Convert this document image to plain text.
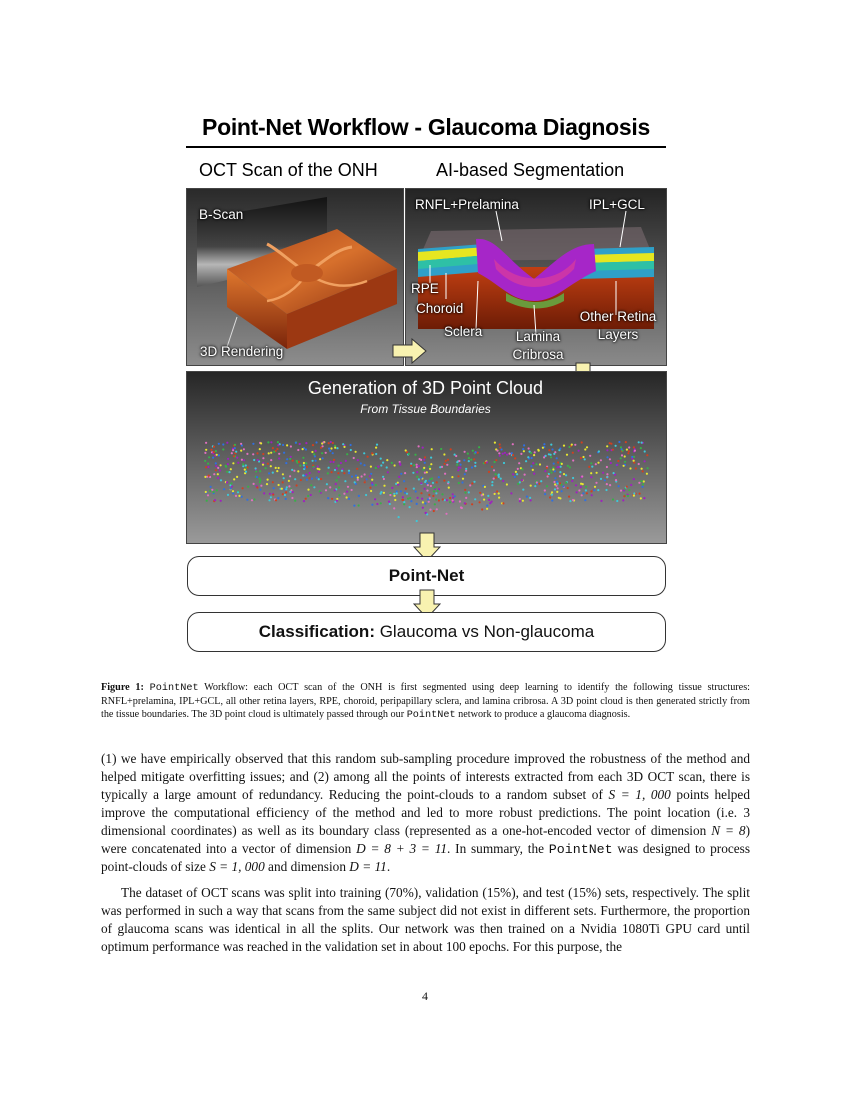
Point-Net Workflow - Glaucoma Diagnosis
OCT Scan of the ONH	AI-based Segmentation
B-Scan
3D Rendering
RNFL+Prelamina	IPL+GCL
RPE
Choroid
Sclera	Lamina
Cribrosa
Other Retina
Layers
Generation of 3D Point Cloud
From Tissue Boundaries
Point-Net
Classification: Glaucoma vs Non-glaucoma
Figure 1: PointNet Workflow: each OCT scan of the ONH is first segmented using deep learning to identify the following tissue structures: RNFL+prelamina, IPL+GCL, all other retina layers, RPE, choroid, peripapillary sclera, and lamina cribrosa. A 3D point cloud is then generated strictly from the tissue boundaries. The 3D point cloud is ultimately passed through our PointNet network to produce a glaucoma diagnosis.
(1) we have empirically observed that this random sub-sampling procedure improved the robustness of the method and helped mitigate overfitting issues; and (2) among all the points of interests extracted from each 3D OCT scan, there is typically a large amount of redundancy. Reducing the point-clouds to a random subset of S = 1, 000 points helped improve the computational efficiency of the method and led to more robust predictions. The point location (i.e. 3 dimensional coordinates) as well as its boundary class (represented as a one-hot-encoded vector of dimension N = 8) were concatenated into a vector of dimension D = 8 + 3 = 11. In summary, the PointNet was designed to process point-clouds of size S = 1, 000 and dimension D = 11.
The dataset of OCT scans was split into training (70%), validation (15%), and test (15%) sets, respectively. The split was performed in such a way that scans from the same subject did not exist in different sets. Furthermore, the proportion of glaucoma scans was identical in all the splits. Our network was then trained on a Nvidia 1080Ti GPU card until optimum performance was reached in the validation set in about 100 epochs. For this purpose, the
4
